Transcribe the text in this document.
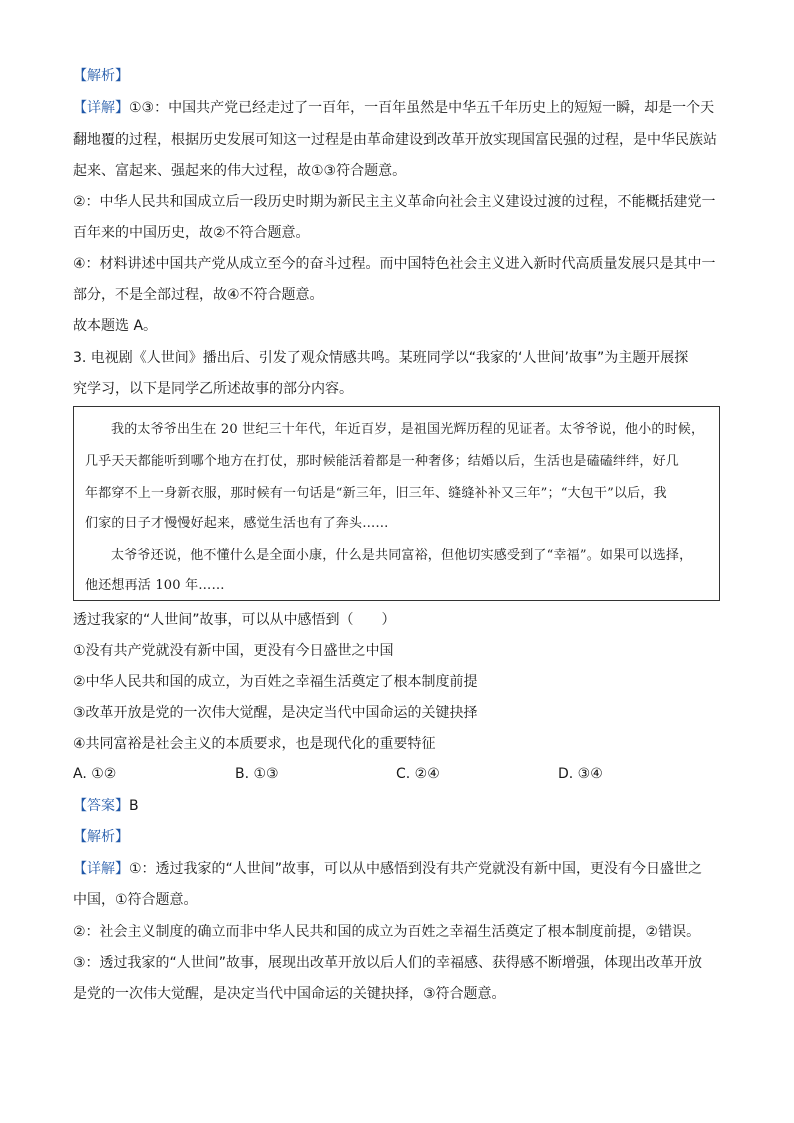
【解析】
【详解】①③：中国共产党已经走过了一百年，一百年虽然是中华五千年历史上的短短一瞬，却是一个天
翻地覆的过程，根据历史发展可知这一过程是由革命建设到改革开放实现国富民强的过程，是中华民族站
起来、富起来、强起来的伟大过程，故①③符合题意。
②：中华人民共和国成立后一段历史时期为新民主主义革命向社会主义建设过渡的过程，不能概括建党一
百年来的中国历史，故②不符合题意。
④：材料讲述中国共产党从成立至今的奋斗过程。而中国特色社会主义进入新时代高质量发展只是其中一
部分，不是全部过程，故④不符合题意。
故本题选 A。
3. 电视剧《人世间》播出后、引发了观众情感共鸣。某班同学以“我家的‘人世间’故事”为主题开展探
究学习，以下是同学乙所述故事的部分内容。
我的太爷爷出生在 20 世纪三十年代，年近百岁，是祖国光辉历程的见证者。太爷爷说，他小的时候，
几乎天天都能听到哪个地方在打仗，那时候能活着都是一种奢侈；结婚以后，生活也是磕磕绊绊，好几
年都穿不上一身新衣服，那时候有一句话是“新三年，旧三年、缝缝补补又三年”；“大包干”以后，我
们家的日子才慢慢好起来，感觉生活也有了奔头……
太爷爷还说，他不懂什么是全面小康，什么是共同富裕，但他切实感受到了“幸福”。如果可以选择，
他还想再活 100 年……
透过我家的“人世间”故事，可以从中感悟到（　　）
①没有共产党就没有新中国，更没有今日盛世之中国
②中华人民共和国的成立，为百姓之幸福生活奠定了根本制度前提
③改革开放是党的一次伟大觉醒，是决定当代中国命运的关键抉择
④共同富裕是社会主义的本质要求，也是现代化的重要特征
A. ①②	B. ①③	C. ②④	D. ③④
【答案】B
【解析】
【详解】①：透过我家的“人世间”故事，可以从中感悟到没有共产党就没有新中国，更没有今日盛世之
中国，①符合题意。
②：社会主义制度的确立而非中华人民共和国的成立为百姓之幸福生活奠定了根本制度前提，②错误。
③：透过我家的“人世间”故事，展现出改革开放以后人们的幸福感、获得感不断增强，体现出改革开放
是党的一次伟大觉醒，是决定当代中国命运的关键抉择，③符合题意。
